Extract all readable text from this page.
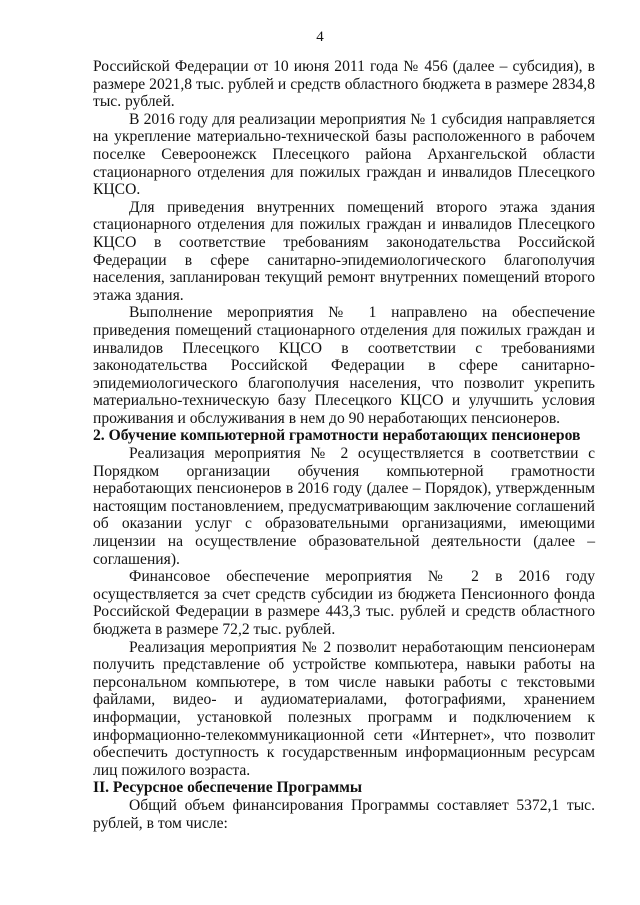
4

Российской Федерации от 10 июня 2011 года № 456 (далее – субсидия), в размере 2021,8 тыс. рублей и средств областного бюджета в размере 2834,8 тыс. рублей.

В 2016 году для реализации мероприятия № 1 субсидия направляется на укрепление материально-технической базы расположенного в рабочем поселке Североонежск Плесецкого района Архангельской области стационарного отделения для пожилых граждан и инвалидов Плесецкого КЦСО.

Для приведения внутренних помещений второго этажа здания стационарного отделения для пожилых граждан и инвалидов Плесецкого КЦСО в соответствие требованиям законодательства Российской Федерации в сфере санитарно-эпидемиологического благополучия населения, запланирован текущий ремонт внутренних помещений второго этажа здания.

Выполнение мероприятия № 1 направлено на обеспечение приведения помещений стационарного отделения для пожилых граждан и инвалидов Плесецкого КЦСО в соответствии с требованиями законодательства Российской Федерации в сфере санитарно-эпидемиологического благополучия населения, что позволит укрепить материально-техническую базу Плесецкого КЦСО и улучшить условия проживания и обслуживания в нем до 90 неработающих пенсионеров.

2. Обучение компьютерной грамотности неработающих пенсионеров

Реализация мероприятия № 2 осуществляется в соответствии с Порядком организации обучения компьютерной грамотности неработающих пенсионеров в 2016 году (далее – Порядок), утвержденным настоящим постановлением, предусматривающим заключение соглашений об оказании услуг с образовательными организациями, имеющими лицензии на осуществление образовательной деятельности (далее – соглашения).

Финансовое обеспечение мероприятия № 2 в 2016 году осуществляется за счет средств субсидии из бюджета Пенсионного фонда Российской Федерации в размере 443,3 тыс. рублей и средств областного бюджета в размере 72,2 тыс. рублей.

Реализация мероприятия № 2 позволит неработающим пенсионерам получить представление об устройстве компьютера, навыки работы на персональном компьютере, в том числе навыки работы с текстовыми файлами, видео- и аудиоматериалами, фотографиями, хранением информации, установкой полезных программ и подключением к информационно-телекоммуникационной сети «Интернет», что позволит обеспечить доступность к государственным информационным ресурсам лиц пожилого возраста.

II. Ресурсное обеспечение Программы

Общий объем финансирования Программы составляет 5372,1 тыс. рублей, в том числе:
